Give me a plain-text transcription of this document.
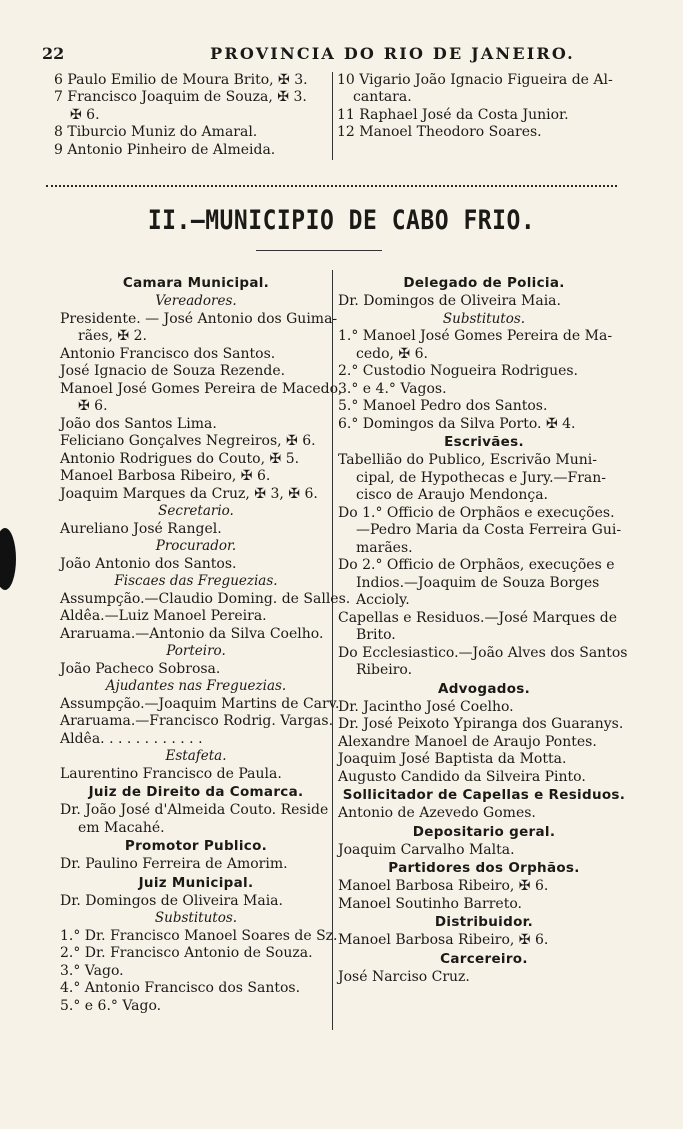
22	PROVINCIA DO RIO DE JANEIRO.
6 Paulo Emilio de Moura Brito, ✠ 3.
7 Francisco Joaquim de Souza, ✠ 3.
✠ 6.
8 Tiburcio Muniz do Amaral.
9 Antonio Pinheiro de Almeida.
10 Vigario João Ignacio Figueira de Al-
cantara.
11 Raphael José da Costa Junior.
12 Manoel Theodoro Soares.
II.—MUNICIPIO DE CABO FRIO.
Camara Municipal.
Vereadores.
Presidente. — José Antonio dos Guima-
rães, ✠ 2.
Antonio Francisco dos Santos.
José Ignacio de Souza Rezende.
Manoel José Gomes Pereira de Macedo,
✠ 6.
João dos Santos Lima.
Feliciano Gonçalves Negreiros, ✠ 6.
Antonio Rodrigues do Couto, ✠ 5.
Manoel Barbosa Ribeiro, ✠ 6.
Joaquim Marques da Cruz, ✠ 3, ✠ 6.
Secretario.
Aureliano José Rangel.
Procurador.
João Antonio dos Santos.
Fiscaes das Freguezias.
Assumpção.—Claudio Doming. de Salles.
Aldêa.—Luiz Manoel Pereira.
Araruama.—Antonio da Silva Coelho.
Porteiro.
João Pacheco Sobrosa.
Ajudantes nas Freguezias.
Assumpção.—Joaquim Martins de Carv.
Araruama.—Francisco Rodrig. Vargas.
Aldêa. . . . . . . . . . . .
Estafeta.
Laurentino Francisco de Paula.
Juiz de Direito da Comarca.
Dr. João José d'Almeida Couto. Reside
em Macahé.
Promotor Publico.
Dr. Paulino Ferreira de Amorim.
Juiz Municipal.
Dr. Domingos de Oliveira Maia.
Substitutos.
1.° Dr. Francisco Manoel Soares de Sz.
2.° Dr. Francisco Antonio de Souza.
3.° Vago.
4.° Antonio Francisco dos Santos.
5.° e 6.° Vago.
Delegado de Policia.
Dr. Domingos de Oliveira Maia.
Substitutos.
1.° Manoel José Gomes Pereira de Ma-
cedo, ✠ 6.
2.° Custodio Nogueira Rodrigues.
3.° e 4.° Vagos.
5.° Manoel Pedro dos Santos.
6.° Domingos da Silva Porto. ✠ 4.
Escrivães.
Tabellião do Publico, Escrivão Muni-
cipal, de Hypothecas e Jury.—Fran-
cisco de Araujo Mendonça.
Do 1.° Officio de Orphãos e execuções.
—Pedro Maria da Costa Ferreira Gui-
marães.
Do 2.° Officio de Orphãos, execuções e
Indios.—Joaquim de Souza Borges
Accioly.
Capellas e Residuos.—José Marques de
Brito.
Do Ecclesiastico.—João Alves dos Santos
Ribeiro.
Advogados.
Dr. Jacintho José Coelho.
Dr. José Peixoto Ypiranga dos Guaranys.
Alexandre Manoel de Araujo Pontes.
Joaquim José Baptista da Motta.
Augusto Candido da Silveira Pinto.
Sollicitador de Capellas e Residuos.
Antonio de Azevedo Gomes.
Depositario geral.
Joaquim Carvalho Malta.
Partidores dos Orphãos.
Manoel Barbosa Ribeiro, ✠ 6.
Manoel Soutinho Barreto.
Distribuidor.
Manoel Barbosa Ribeiro, ✠ 6.
Carcereiro.
José Narciso Cruz.
